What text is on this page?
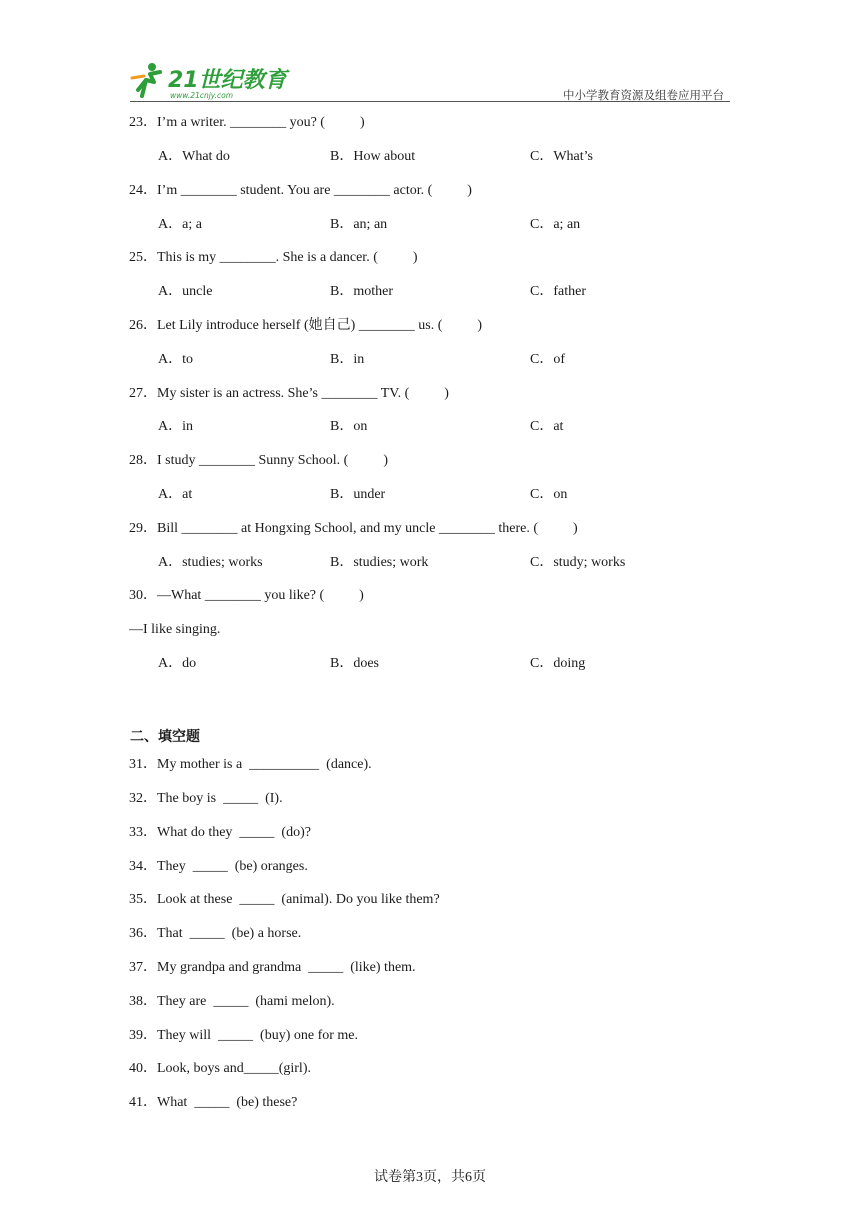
21世纪教育
www.21cnjy.com	中小学教育资源及组卷应用平台
23．I’m a writer. ________ you? (          )
A．What do	B．How about	C．What’s
24．I’m ________ student. You are ________ actor. (          )
A．a; a	B．an; an	C．a; an
25．This is my ________. She is a dancer. (          )
A．uncle	B．mother	C．father
26．Let Lily introduce herself (她自己) ________ us. (          )
A．to	B．in	C．of
27．My sister is an actress. She’s ________ TV. (          )
A．in	B．on	C．at
28．I study ________ Sunny School. (          )
A．at	B．under	C．on
29．Bill ________ at Hongxing School, and my uncle ________ there. (          )
A．studies; works	B．studies; work	C．study; works
30．—What ________ you like? (          )
—I like singing.
A．do	B．does	C．doing
二、填空题
31．My mother is a  __________  (dance).
32．The boy is  _____  (I).
33．What do they  _____  (do)?
34．They  _____  (be) oranges.
35．Look at these  _____  (animal). Do you like them?
36．That  _____  (be) a horse.
37．My grandpa and grandma  _____  (like) them.
38．They are  _____  (hami melon).
39．They will  _____  (buy) one for me.
40．Look, boys and_____(girl).
41．What  _____  (be) these?
试卷第3页，共6页
